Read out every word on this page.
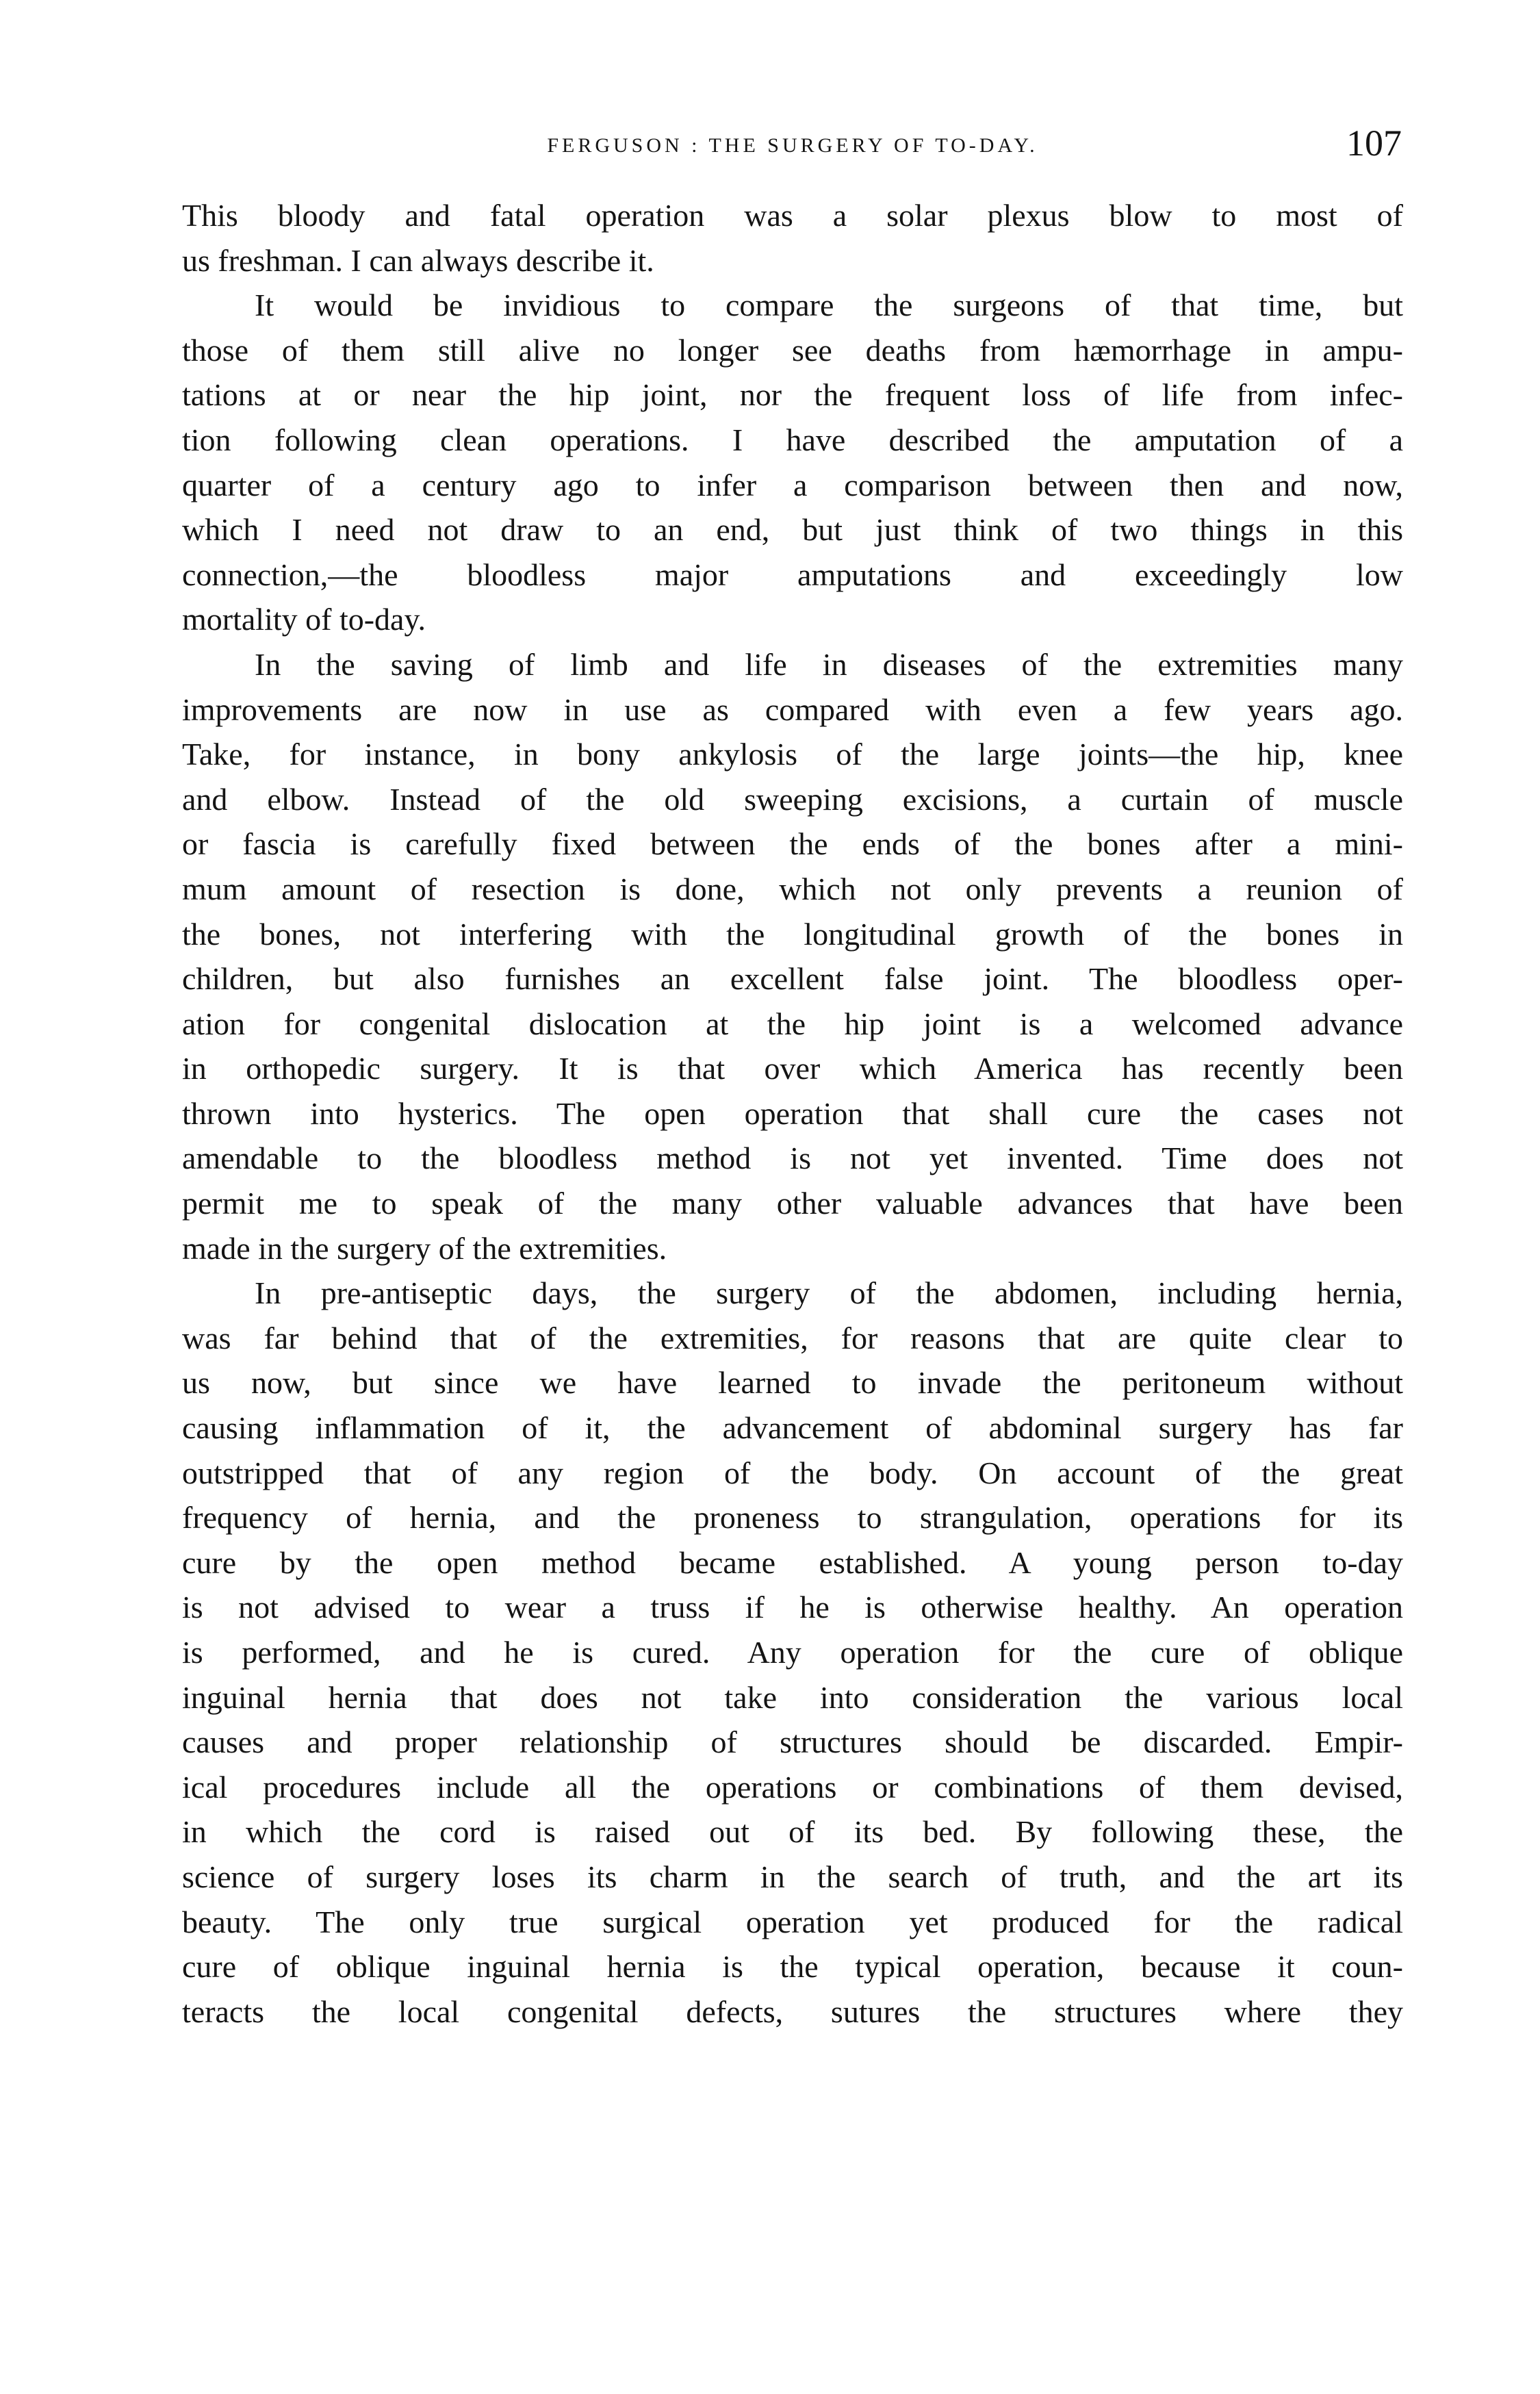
FERGUSON : THE SURGERY OF TO-DAY.	107
This bloody and fatal operation was a solar plexus blow to most of
us freshman. I can always describe it.
It would be invidious to compare the surgeons of that time, but
those of them still alive no longer see deaths from hæmorrhage in ampu-
tations at or near the hip joint, nor the frequent loss of life from infec-
tion following clean operations. I have described the amputation of a
quarter of a century ago to infer a comparison between then and now,
which I need not draw to an end, but just think of two things in this
connection,—the bloodless major amputations and exceedingly low
mortality of to-day.
In the saving of limb and life in diseases of the extremities many
improvements are now in use as compared with even a few years ago.
Take, for instance, in bony ankylosis of the large joints—the hip, knee
and elbow. Instead of the old sweeping excisions, a curtain of muscle
or fascia is carefully fixed between the ends of the bones after a mini-
mum amount of resection is done, which not only prevents a reunion of
the bones, not interfering with the longitudinal growth of the bones in
children, but also furnishes an excellent false joint. The bloodless oper-
ation for congenital dislocation at the hip joint is a welcomed advance
in orthopedic surgery. It is that over which America has recently been
thrown into hysterics. The open operation that shall cure the cases not
amendable to the bloodless method is not yet invented. Time does not
permit me to speak of the many other valuable advances that have been
made in the surgery of the extremities.
In pre-antiseptic days, the surgery of the abdomen, including hernia,
was far behind that of the extremities, for reasons that are quite clear to
us now, but since we have learned to invade the peritoneum without
causing inflammation of it, the advancement of abdominal surgery has far
outstripped that of any region of the body. On account of the great
frequency of hernia, and the proneness to strangulation, operations for its
cure by the open method became established. A young person to-day
is not advised to wear a truss if he is otherwise healthy. An operation
is performed, and he is cured. Any operation for the cure of oblique
inguinal hernia that does not take into consideration the various local
causes and proper relationship of structures should be discarded. Empir-
ical procedures include all the operations or combinations of them devised,
in which the cord is raised out of its bed. By following these, the
science of surgery loses its charm in the search of truth, and the art its
beauty. The only true surgical operation yet produced for the radical
cure of oblique inguinal hernia is the typical operation, because it coun-
teracts the local congenital defects, sutures the structures where they
